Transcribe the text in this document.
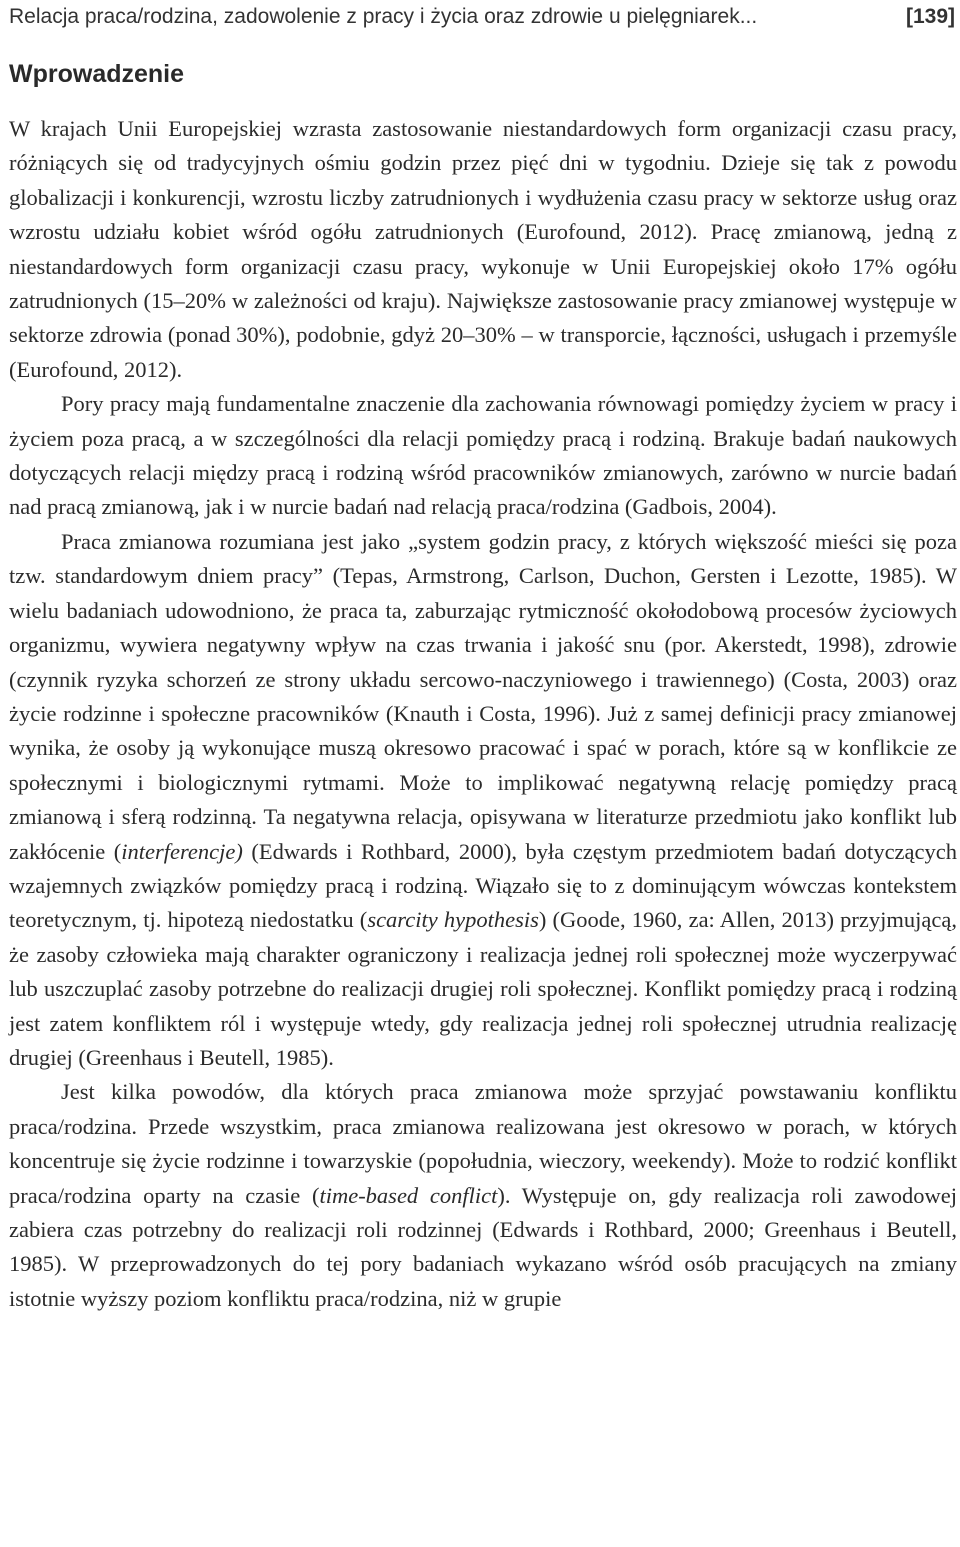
Relacja praca/rodzina, zadowolenie z pracy i życia oraz zdrowie u pielęgniarek...	[139]
Wprowadzenie

W krajach Unii Europejskiej wzrasta zastosowanie niestandardowych form organizacji czasu pracy, różniących się od tradycyjnych ośmiu godzin przez pięć dni w tygodniu. Dzieje się tak z powodu globalizacji i konkurencji, wzrostu liczby zatrudnionych i wydłużenia czasu pracy w sektorze usług oraz wzrostu udziału kobiet wśród ogółu zatrudnionych (Eurofound, 2012). Pracę zmianową, jedną z niestandardowych form organizacji czasu pracy, wykonuje w Unii Europejskiej około 17% ogółu zatrudnionych (15–20% w zależności od kraju). Największe zastosowanie pracy zmianowej występuje w sektorze zdrowia (ponad 30%), podobnie, gdyż 20–30% – w transporcie, łączności, usługach i przemyśle (Eurofound, 2012).

Pory pracy mają fundamentalne znaczenie dla zachowania równowagi pomiędzy życiem w pracy i życiem poza pracą, a w szczególności dla relacji pomiędzy pracą i rodziną. Brakuje badań naukowych dotyczących relacji między pracą i rodziną wśród pracowników zmianowych, zarówno w nurcie badań nad pracą zmianową, jak i w nurcie badań nad relacją praca/rodzina (Gadbois, 2004).

Praca zmianowa rozumiana jest jako „system godzin pracy, z których większość mieści się poza tzw. standardowym dniem pracy” (Tepas, Armstrong, Carlson, Duchon, Gersten i Lezotte, 1985). W wielu badaniach udowodniono, że praca ta, zaburzając rytmiczność okołodobową procesów życiowych organizmu, wywiera negatywny wpływ na czas trwania i jakość snu (por. Akerstedt, 1998), zdrowie (czynnik ryzyka schorzeń ze strony układu sercowo-naczyniowego i trawiennego) (Costa, 2003) oraz życie rodzinne i społeczne pracowników (Knauth i Costa, 1996). Już z samej definicji pracy zmianowej wynika, że osoby ją wykonujące muszą okresowo pracować i spać w porach, które są w konflikcie ze społecznymi i biologicznymi rytmami. Może to implikować negatywną relację pomiędzy pracą zmianową i sferą rodzinną. Ta negatywna relacja, opisywana w literaturze przedmiotu jako konflikt lub zakłócenie (interferencje) (Edwards i Rothbard, 2000), była częstym przedmiotem badań dotyczących wzajemnych związków pomiędzy pracą i rodziną. Wiązało się to z dominującym wówczas kontekstem teoretycznym, tj. hipotezą niedostatku (scarcity hypothesis) (Goode, 1960, za: Allen, 2013) przyjmującą, że zasoby człowieka mają charakter ograniczony i realizacja jednej roli społecznej może wyczerpywać lub uszczuplać zasoby potrzebne do realizacji drugiej roli społecznej. Konflikt pomiędzy pracą i rodziną jest zatem konfliktem ról i występuje wtedy, gdy realizacja jednej roli społecznej utrudnia realizację drugiej (Greenhaus i Beutell, 1985).

Jest kilka powodów, dla których praca zmianowa może sprzyjać powstawaniu konfliktu praca/rodzina. Przede wszystkim, praca zmianowa realizowana jest okresowo w porach, w których koncentruje się życie rodzinne i towarzyskie (popołudnia, wieczory, weekendy). Może to rodzić konflikt praca/rodzina oparty na czasie (time-based conflict). Występuje on, gdy realizacja roli zawodowej zabiera czas potrzebny do realizacji roli rodzinnej (Edwards i Rothbard, 2000; Greenhaus i Beutell, 1985). W przeprowadzonych do tej pory badaniach wykazano wśród osób pracujących na zmiany istotnie wyższy poziom konfliktu praca/rodzina, niż w grupie
